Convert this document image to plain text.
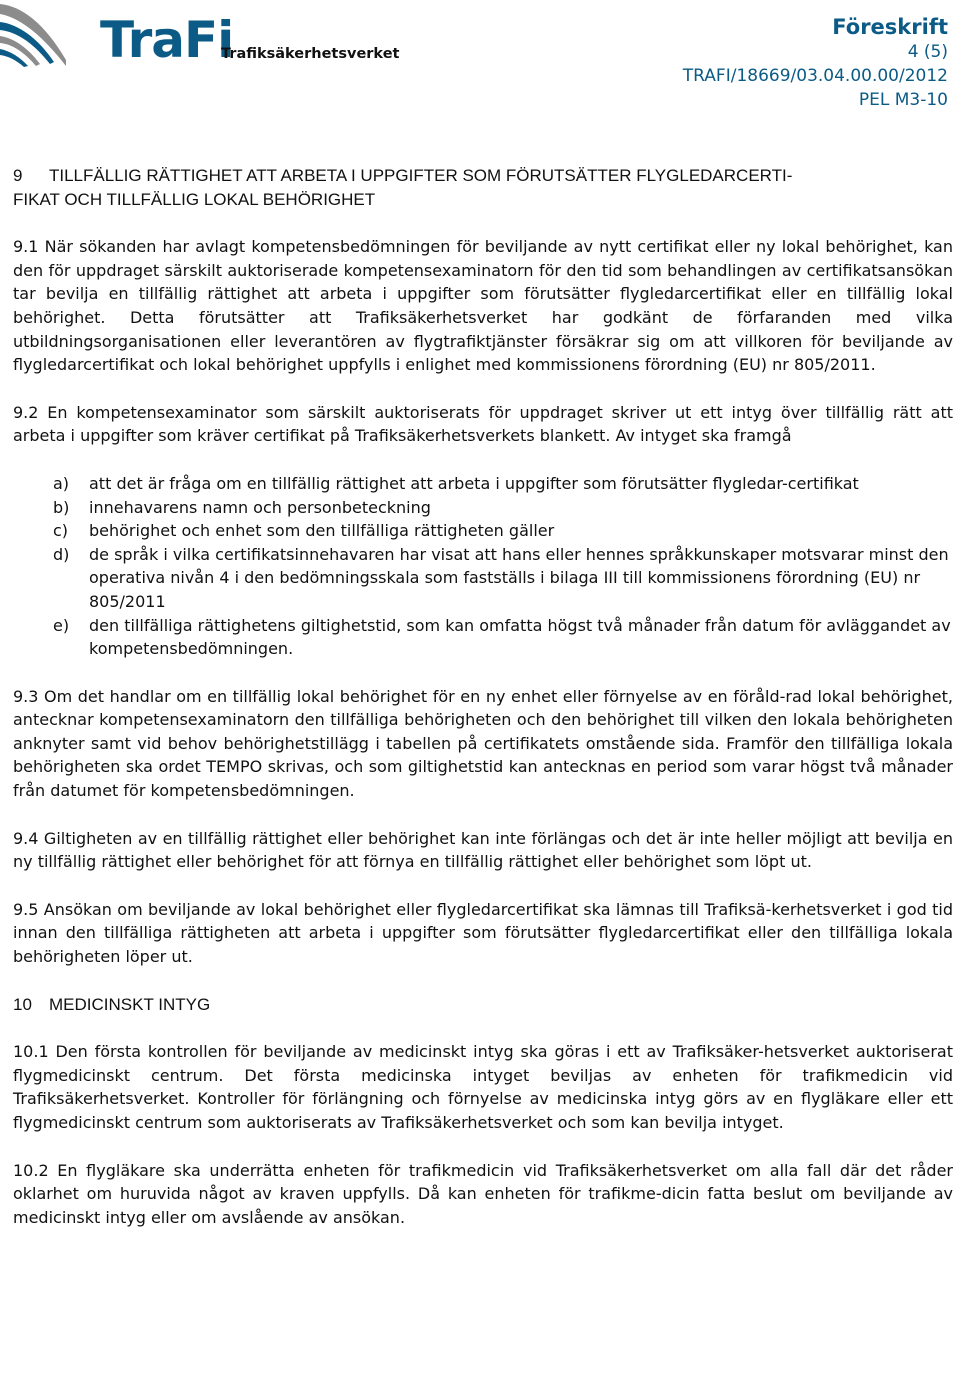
TraFi
Trafiksäkerhetsverket
Föreskrift
4 (5)
TRAFI/18669/03.04.00.00/2012
PEL M3-10
9 TILLFÄLLIG RÄTTIGHET ATT ARBETA I UPPGIFTER SOM FÖRUTSÄTTER FLYGLEDARCERTI-
FIKAT OCH TILLFÄLLIG LOKAL BEHÖRIGHET

9.1 När sökanden har avlagt kompetensbedömningen för beviljande av nytt certifikat eller ny lokal behörighet, kan den för uppdraget särskilt auktoriserade kompetensexaminatorn för den tid som behandlingen av certifikatsansökan tar bevilja en tillfällig rättighet att arbeta i uppgifter som förutsätter flygledarcertifikat eller en tillfällig lokal behörighet. Detta förutsätter att Trafiksäkerhetsverket har godkänt de förfaranden med vilka utbildningsorganisationen eller leverantören av flygtrafiktjänster försäkrar sig om att villkoren för beviljande av flygledarcertifikat och lokal behörighet uppfylls i enlighet med kommissionens förordning (EU) nr 805/2011.

9.2 En kompetensexaminator som särskilt auktoriserats för uppdraget skriver ut ett intyg över tillfällig rätt att arbeta i uppgifter som kräver certifikat på Trafiksäkerhetsverkets blankett. Av intyget ska framgå

a) att det är fråga om en tillfällig rättighet att arbeta i uppgifter som förutsätter flygledar-certifikat
b) innehavarens namn och personbeteckning
c) behörighet och enhet som den tillfälliga rättigheten gäller
d) de språk i vilka certifikatsinnehavaren har visat att hans eller hennes språkkunskaper motsvarar minst den operativa nivån 4 i den bedömningsskala som fastställs i bilaga III till kommissionens förordning (EU) nr 805/2011
e) den tillfälliga rättighetens giltighetstid, som kan omfatta högst två månader från datum för avläggandet av kompetensbedömningen.

9.3 Om det handlar om en tillfällig lokal behörighet för en ny enhet eller förnyelse av en föråld-rad lokal behörighet, antecknar kompetensexaminatorn den tillfälliga behörigheten och den behörighet till vilken den lokala behörigheten anknyter samt vid behov behörighetstillägg i tabellen på certifikatets omstående sida. Framför den tillfälliga lokala behörigheten ska ordet TEMPO skrivas, och som giltighetstid kan antecknas en period som varar högst två månader från datumet för kompetensbedömningen.

9.4 Giltigheten av en tillfällig rättighet eller behörighet kan inte förlängas och det är inte heller möjligt att bevilja en ny tillfällig rättighet eller behörighet för att förnya en tillfällig rättighet eller behörighet som löpt ut.

9.5 Ansökan om beviljande av lokal behörighet eller flygledarcertifikat ska lämnas till Trafiksä-kerhetsverket i god tid innan den tillfälliga rättigheten att arbeta i uppgifter som förutsätter flygledarcertifikat eller den tillfälliga lokala behörigheten löper ut.

10 MEDICINSKT INTYG

10.1 Den första kontrollen för beviljande av medicinskt intyg ska göras i ett av Trafiksäker-hetsverket auktoriserat flygmedicinskt centrum. Det första medicinska intyget beviljas av enheten för trafikmedicin vid Trafiksäkerhetsverket. Kontroller för förlängning och förnyelse av medicinska intyg görs av en flygläkare eller ett flygmedicinskt centrum som auktoriserats av Trafiksäkerhetsverket och som kan bevilja intyget.

10.2 En flygläkare ska underrätta enheten för trafikmedicin vid Trafiksäkerhetsverket om alla fall där det råder oklarhet om huruvida något av kraven uppfylls. Då kan enheten för trafikme-dicin fatta beslut om beviljande av medicinskt intyg eller om avslående av ansökan.
